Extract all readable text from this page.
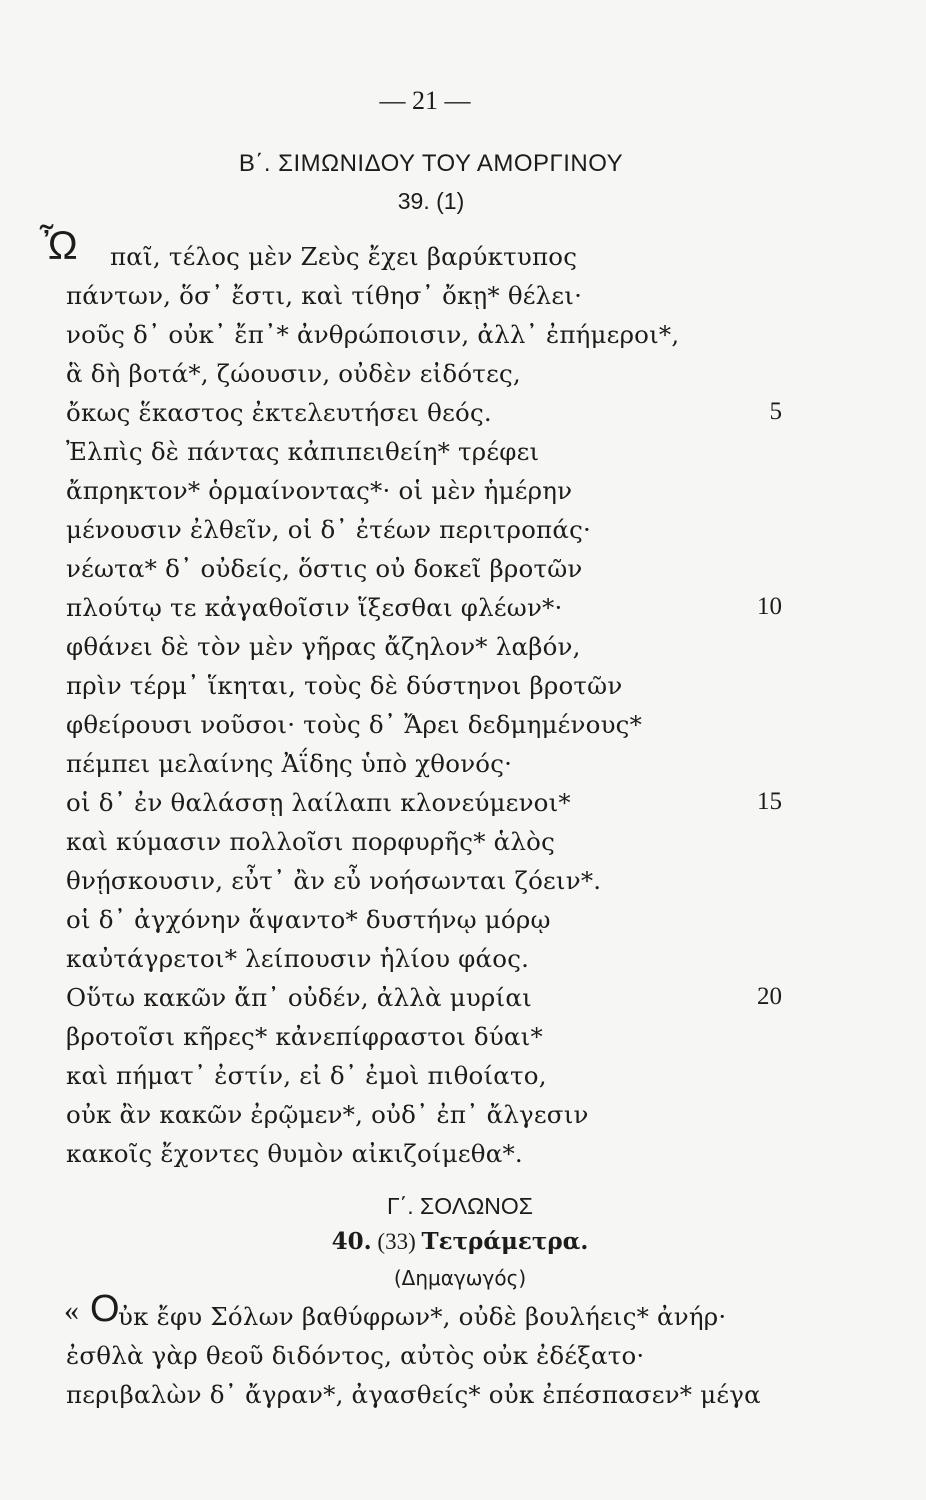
— 21 —
Β΄. ΣΙΜΩΝΙΔΟΥ ΤΟΥ ΑΜΟΡΓΙΝΟΥ
39. (1)
Ὦ παῖ, τέλος μὲν Ζεὺς ἔχει βαρύκτυπος
πάντων, ὅσ᾽ ἔστι, καὶ τίθησ᾽ ὄκῃ* θέλει·
νοῦς δ᾽ οὐκ᾽ ἔπ᾽* ἀνθρώποισιν, ἀλλ᾽ ἐπήμεροι*,
ἃ δὴ βοτά*, ζώουσιν, οὐδὲν εἰδότες,
ὄκως ἕκαστος ἐκτελευτήσει θεός.
Ἐλπὶς δὲ πάντας κἀπιπειθείη* τρέφει
ἄπρηκτον* ὁρμαίνοντας*· οἱ μὲν ἡμέρην
μένουσιν ἐλθεῖν, οἱ δ᾽ ἐτέων περιτροπάς·
νέωτα* δ᾽ οὐδείς, ὅστις οὐ δοκεῖ βροτῶν
πλούτῳ τε κἀγαθοῖσιν ἵξεσθαι φλέων*·
φθάνει δὲ τὸν μὲν γῆρας ἄζηλον* λαβόν,
πρὶν τέρμ᾽ ἵκηται, τοὺς δὲ δύστηνοι βροτῶν
φθείρουσι νοῦσοι· τοὺς δ᾽ Ἄρει δεδμημένους*
πέμπει μελαίνης Ἀΐδης ὑπὸ χθονός·
οἱ δ᾽ ἐν θαλάσσῃ λαίλαπι κλονεύμενοι*
καὶ κύμασιν πολλοῖσι πορφυρῆς* ἁλὸς
θνῄσκουσιν, εὖτ᾽ ἂν εὖ νοήσωνται ζόειν*.
οἱ δ᾽ ἀγχόνην ἅψαντο* δυστήνῳ μόρῳ
καὐτάγρετοι* λείπουσιν ἡλίου φάος.
Οὕτω κακῶν ἄπ᾽ οὐδέν, ἀλλὰ μυρίαι
βροτοῖσι κῆρες* κἀνεπίφραστοι δύαι*
καὶ πήματ᾽ ἐστίν, εἰ δ᾽ ἐμοὶ πιθοίατο,
οὐκ ἂν κακῶν ἐρῷμεν*, οὐδ᾽ ἐπ᾽ ἄλγεσιν
κακοῖς ἔχοντες θυμὸν αἰκιζοίμεθα*.
5
10
15
20
Γ΄. ΣΟΛΩΝΟΣ
40. (33) Τετράμετρα.
(Δημαγωγός)
« Ο
ὐκ ἔφυ Σόλων βαθύφρων*, οὐδὲ βουλήεις* ἀνήρ·
ἐσθλὰ γὰρ θεοῦ διδόντος, αὐτὸς οὐκ ἐδέξατο·
περιβαλὼν δ᾽ ἄγραν*, ἀγασθείς* οὐκ ἐπέσπασεν* μέγα
